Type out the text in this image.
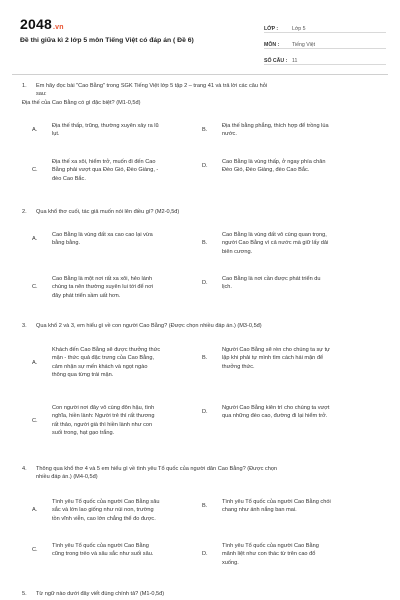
2048.vn
Đề thi giữa kì 2 lớp 5 môn Tiếng Việt có đáp án ( Đề 6)
LỚP :	Lớp 5
MÔN :	Tiếng Việt
SỐ CÂU : 11
1.	Em hãy đọc bài "Cao Bằng" trong SGK Tiếng Việt lớp 5 tập 2 – trang 41 và trả lời các câu hỏi
sau:
Địa thế của Cao Bằng có gì đặc biệt? (M1-0,5đ)
A.
Địa thế thấp, trũng, thường xuyên xảy ra lũ
lụt.
B.
Địa thế bằng phẳng, thích hợp để trồng lúa
nước.
C.
Địa thế xa xôi, hiểm trở, muốn đi đến Cao
Bằng phải vượt qua Đèo Gió, Đèo Giàng, -
đèo Cao Bắc.
D.
Cao Bằng là vùng thấp, ở ngay phía chân
Đèo Gió, Đèo Giàng, đèo Cao Bắc.
2.	Qua khổ thơ cuối, tác giả muốn nói lên điều gì? (M2-0,5đ)
A.
Cao Bằng là vùng đất xa cao cao lại vừa
bằng bằng.	B.
Cao Bằng là vùng đất vô cùng quan trọng,
người Cao Bằng vì cả nước mà giữ lấy dải
biên cương.
C.
Cao Bằng là một nơi rất xa xôi, hẻo lánh
chúng ta nên thường xuyên lui tới để nơi
đây phát triển sầm uất hơn.
D.
Cao Bằng là nơi cần được phát triển du
lịch.
3.	Qua khổ 2 và 3, em hiểu gì về con người Cao Bằng? (Được chọn nhiều đáp án.) (M3-0,5đ)
A.
Khách đến Cao Bằng sẽ được thưởng thức
mận - thức quả đặc trưng của Cao Bằng,
cảm nhận sự mến khách và ngọt ngào
thông qua từng trái mận.
B.
Người Cao Bằng sẽ rèn cho chúng ta sự tự
lập khi phải tự mình tìm cách hái mận để
thưởng thức.
C.
Con người nơi đây vô cùng đôn hậu, tình
nghĩa, hiền lành: Người trẻ thì rất thương
rất thảo, người già thì hiền lành như con
suối trong, hạt gạo trắng.
D.
Người Cao Bằng kiên trì cho chúng ta vượt
qua những đèo cao, đường đi lại hiểm trở.
4.	Thông qua khổ thơ 4 và 5 em hiểu gì về tình yêu Tổ quốc của người dân Cao Bằng? (Được chọn
nhiều đáp án.) (M4-0,5đ)
A.
Tình yêu Tổ quốc của người Cao Bằng sâu
sắc và lớn lao giống như núi non, trường
tồn vĩnh viễn, cao lớn chẳng thể đo được.
B.
Tình yêu Tổ quốc của người Cao Bằng chói
chang như ánh nắng ban mai.
C.
Tình yêu Tổ quốc của người Cao Bằng
cũng trong trẻo và sâu sắc như suối sâu.	D.
Tình yêu Tổ quốc của người Cao Bằng
mãnh liệt như con thác từ trên cao đổ
xuống.
5.	Từ ngữ nào dưới đây viết đúng chính tả? (M1-0,5đ)
